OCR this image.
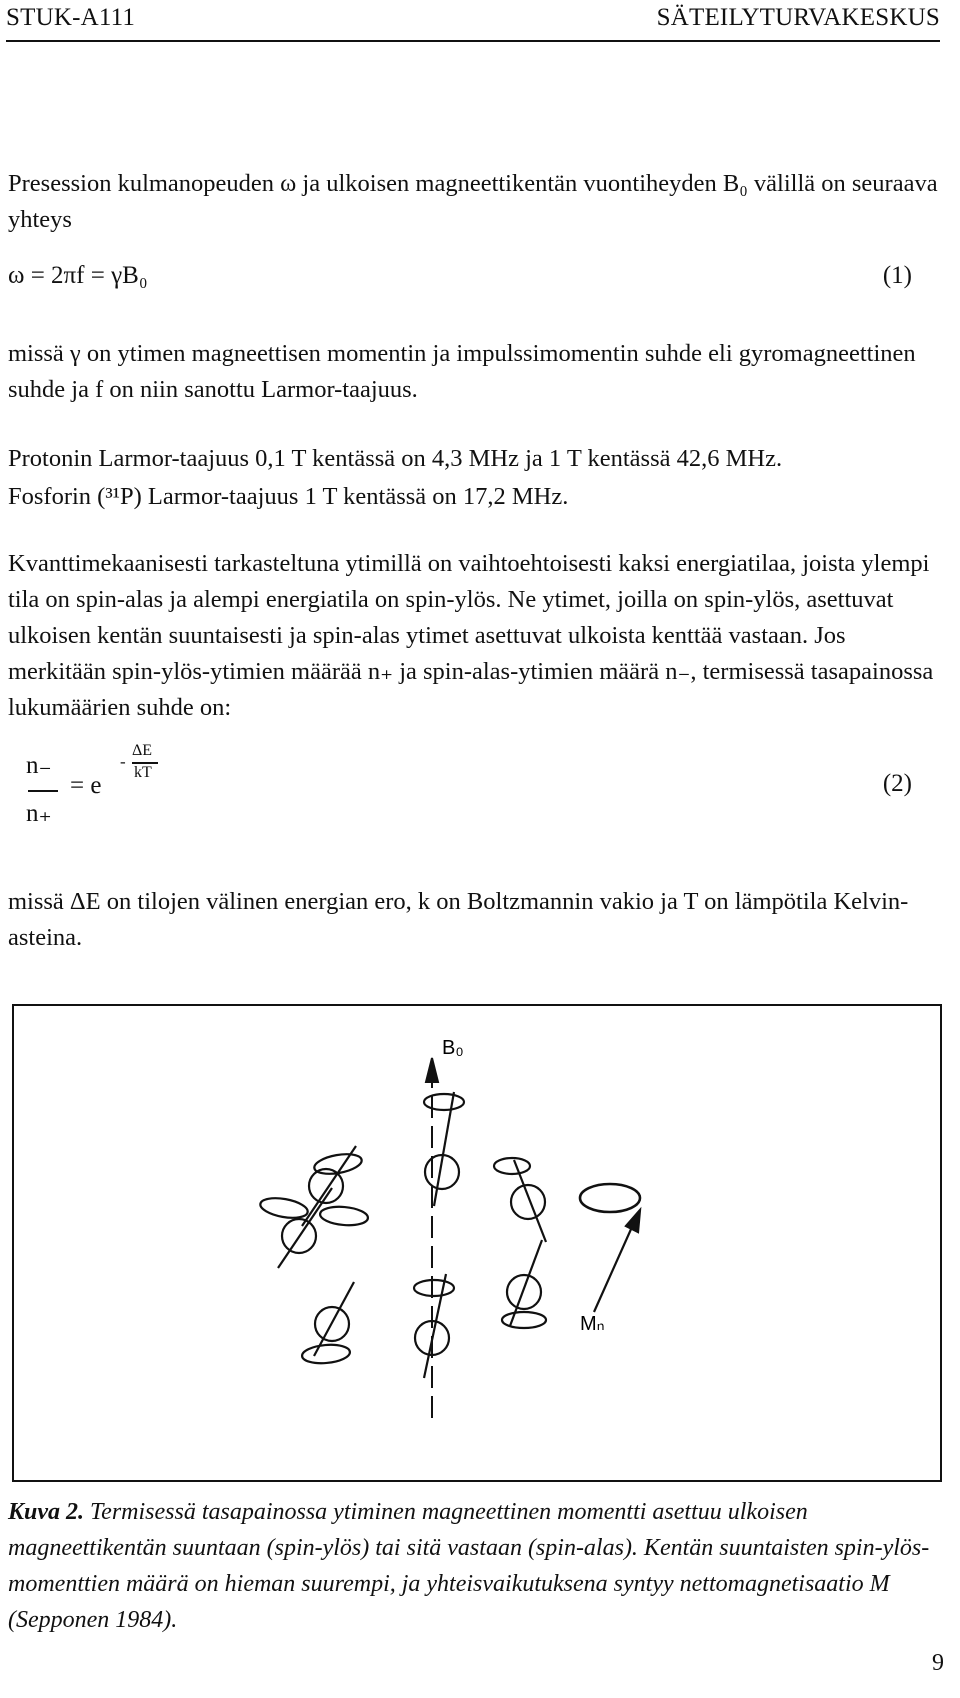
STUK-A111	SÄTEILYTURVAKESKUS

Presession kulmanopeuden ω ja ulkoisen magneettikentän vuontiheyden B₀ välillä on seuraava yhteys

ω = 2πf = γB₀	(1)

missä γ on ytimen magneettisen momentin ja impulssimomentin suhde eli gyromagneettinen suhde ja f on niin sanottu Larmor-taajuus.

Protonin Larmor-taajuus 0,1 T kentässä on 4,3 MHz ja 1 T kentässä 42,6 MHz.

Fosforin (³¹P) Larmor-taajuus 1 T kentässä on 17,2 MHz.

Kvanttimekaanisesti tarkasteltuna ytimillä on vaihtoehtoisesti kaksi energiatilaa, joista ylempi tila on spin-alas ja alempi energiatila on spin-ylös. Ne ytimet, joilla on spin-ylös, asettuvat ulkoisen kentän suuntaisesti ja spin-alas ytimet asettuvat ulkoista kenttää vastaan. Jos merkitään spin-ylös-ytimien määrää n₊ ja spin-alas-ytimien määrä n₋, termisessä tasapainossa lukumäärien suhde on:

n₋
n₊
= e
-
ΔE
kT	(2)

missä ΔE on tilojen välinen energian ero, k on Boltzmannin vakio ja T on lämpötila Kelvin-asteina.

B₀
Mₙ
Kuva 2. Termisessä tasapainossa ytiminen magneettinen momentti asettuu ulkoisen magneettikentän suuntaan (spin-ylös) tai sitä vastaan (spin-alas). Kentän suuntaisten spin-ylös-momenttien määrä on hieman suurempi, ja yhteisvaikutuksena syntyy nettomagnetisaatio M (Sepponen 1984).
9
